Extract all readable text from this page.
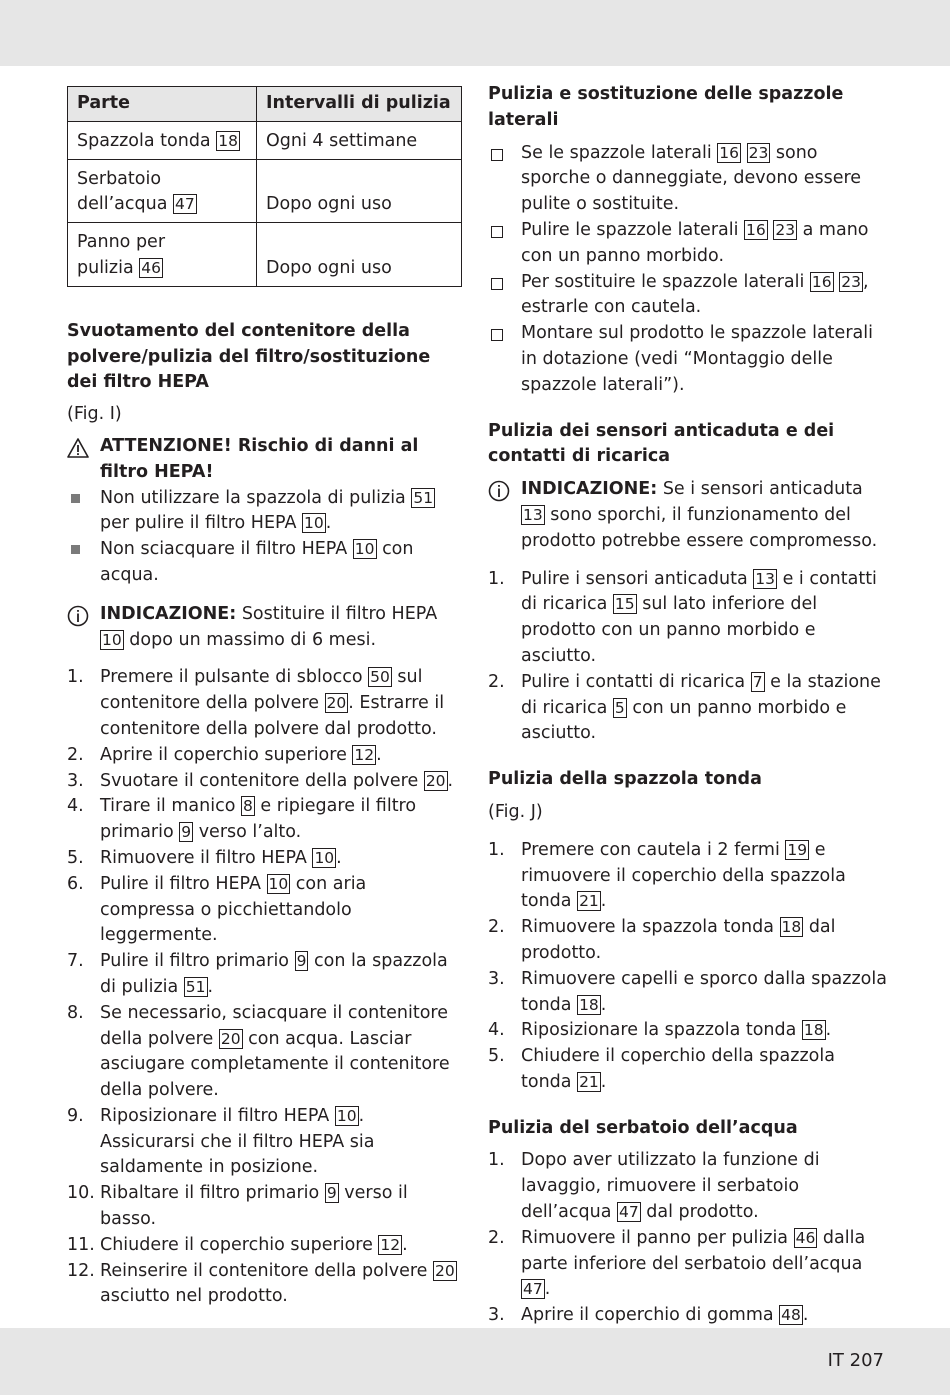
Parte	Intervalli di pulizia
Spazzola tonda 18	Ogni 4 settimane
Serbatoio
dell’acqua 47	Dopo ogni uso
Panno per
pulizia 46	Dopo ogni uso
Svuotamento del contenitore della polvere/pulizia del filtro/sostituzione dei filtro HEPA
(Fig. I)
ATTENZIONE! Rischio di danni al filtro HEPA!
Non utilizzare la spazzola di pulizia 51 per pulire il filtro HEPA 10 .
Non sciacquare il filtro HEPA 10 con acqua.
INDICAZIONE: Sostituire il filtro HEPA 10 dopo un massimo di 6 mesi.
1. Premere il pulsante di sblocco 50 sul contenitore della polvere 20 . Estrarre il contenitore della polvere dal prodotto.
2. Aprire il coperchio superiore 12 .
3. Svuotare il contenitore della polvere 20 .
4. Tirare il manico 8 e ripiegare il filtro primario 9 verso l’alto.
5. Rimuovere il filtro HEPA 10 .
6. Pulire il filtro HEPA 10 con aria compressa o picchiettandolo leggermente.
7. Pulire il filtro primario 9 con la spazzola di pulizia 51 .
8. Se necessario, sciacquare il contenitore della polvere 20 con acqua. Lasciar asciugare completamente il contenitore della polvere.
9. Riposizionare il filtro HEPA 10 . Assicurarsi che il filtro HEPA sia saldamente in posizione.
10. Ribaltare il filtro primario 9 verso il basso.
11. Chiudere il coperchio superiore 12 .
12. Reinserire il contenitore della polvere 20 asciutto nel prodotto.
Pulizia e sostituzione delle spazzole laterali
Se le spazzole laterali 16 23 sono sporche o danneggiate, devono essere pulite o sostituite.
Pulire le spazzole laterali 16 23 a mano con un panno morbido.
Per sostituire le spazzole laterali 16 23 , estrarle con cautela.
Montare sul prodotto le spazzole laterali in dotazione (vedi “Montaggio delle spazzole laterali”).
Pulizia dei sensori anticaduta e dei contatti di ricarica
INDICAZIONE: Se i sensori anticaduta 13 sono sporchi, il funzionamento del prodotto potrebbe essere compromesso.
1. Pulire i sensori anticaduta 13 e i contatti di ricarica 15 sul lato inferiore del prodotto con un panno morbido e asciutto.
2. Pulire i contatti di ricarica 7 e la stazione di ricarica 5 con un panno morbido e asciutto.
Pulizia della spazzola tonda
(Fig. J)
1. Premere con cautela i 2 fermi 19 e rimuovere il coperchio della spazzola tonda 21 .
2. Rimuovere la spazzola tonda 18 dal prodotto.
3. Rimuovere capelli e sporco dalla spazzola tonda 18 .
4. Riposizionare la spazzola tonda 18 .
5. Chiudere il coperchio della spazzola tonda 21 .
Pulizia del serbatoio dell’acqua
1. Dopo aver utilizzato la funzione di lavaggio, rimuovere il serbatoio dell’acqua 47 dal prodotto.
2. Rimuovere il panno per pulizia 46 dalla parte inferiore del serbatoio dell’acqua 47 .
3. Aprire il coperchio di gomma 48 .
IT 207
